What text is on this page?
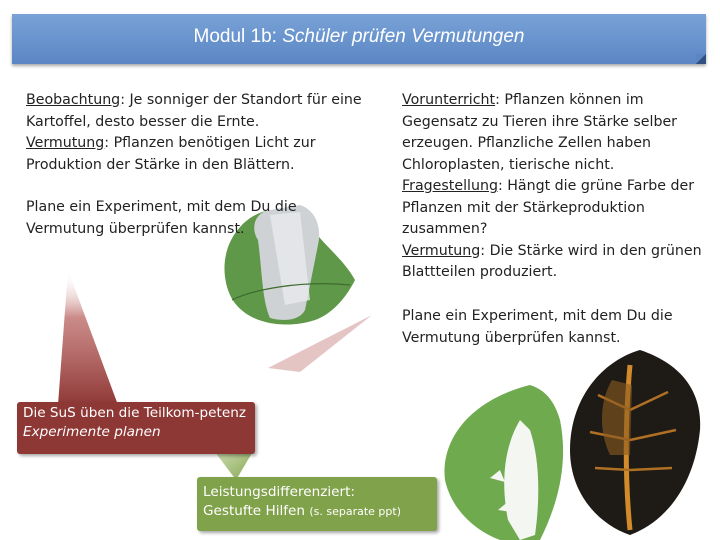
Modul 1b: Schüler prüfen Vermutungen

Beobachtung: Je sonniger der Standort für eine Kartoffel, desto besser die Ernte.

Vermutung: Pflanzen benötigen Licht zur Produktion der Stärke in den Blättern.

Plane ein Experiment, mit dem Du die Vermutung überprüfen kannst.

Vorunterricht: Pflanzen können im Gegensatz zu Tieren ihre Stärke selber erzeugen. Pflanzliche Zellen haben Chloroplasten, tierische nicht.

Fragestellung: Hängt die grüne Farbe der Pflanzen mit der Stärkeproduktion zusammen?

Vermutung: Die Stärke wird in den grünen Blattteilen produziert.

Plane ein Experiment, mit dem Du die Vermutung überprüfen kannst.

Die SuS üben die Teilkom-petenz Experimente planen
Leistungsdifferenziert:
Gestufte Hilfen (s. separate ppt)
